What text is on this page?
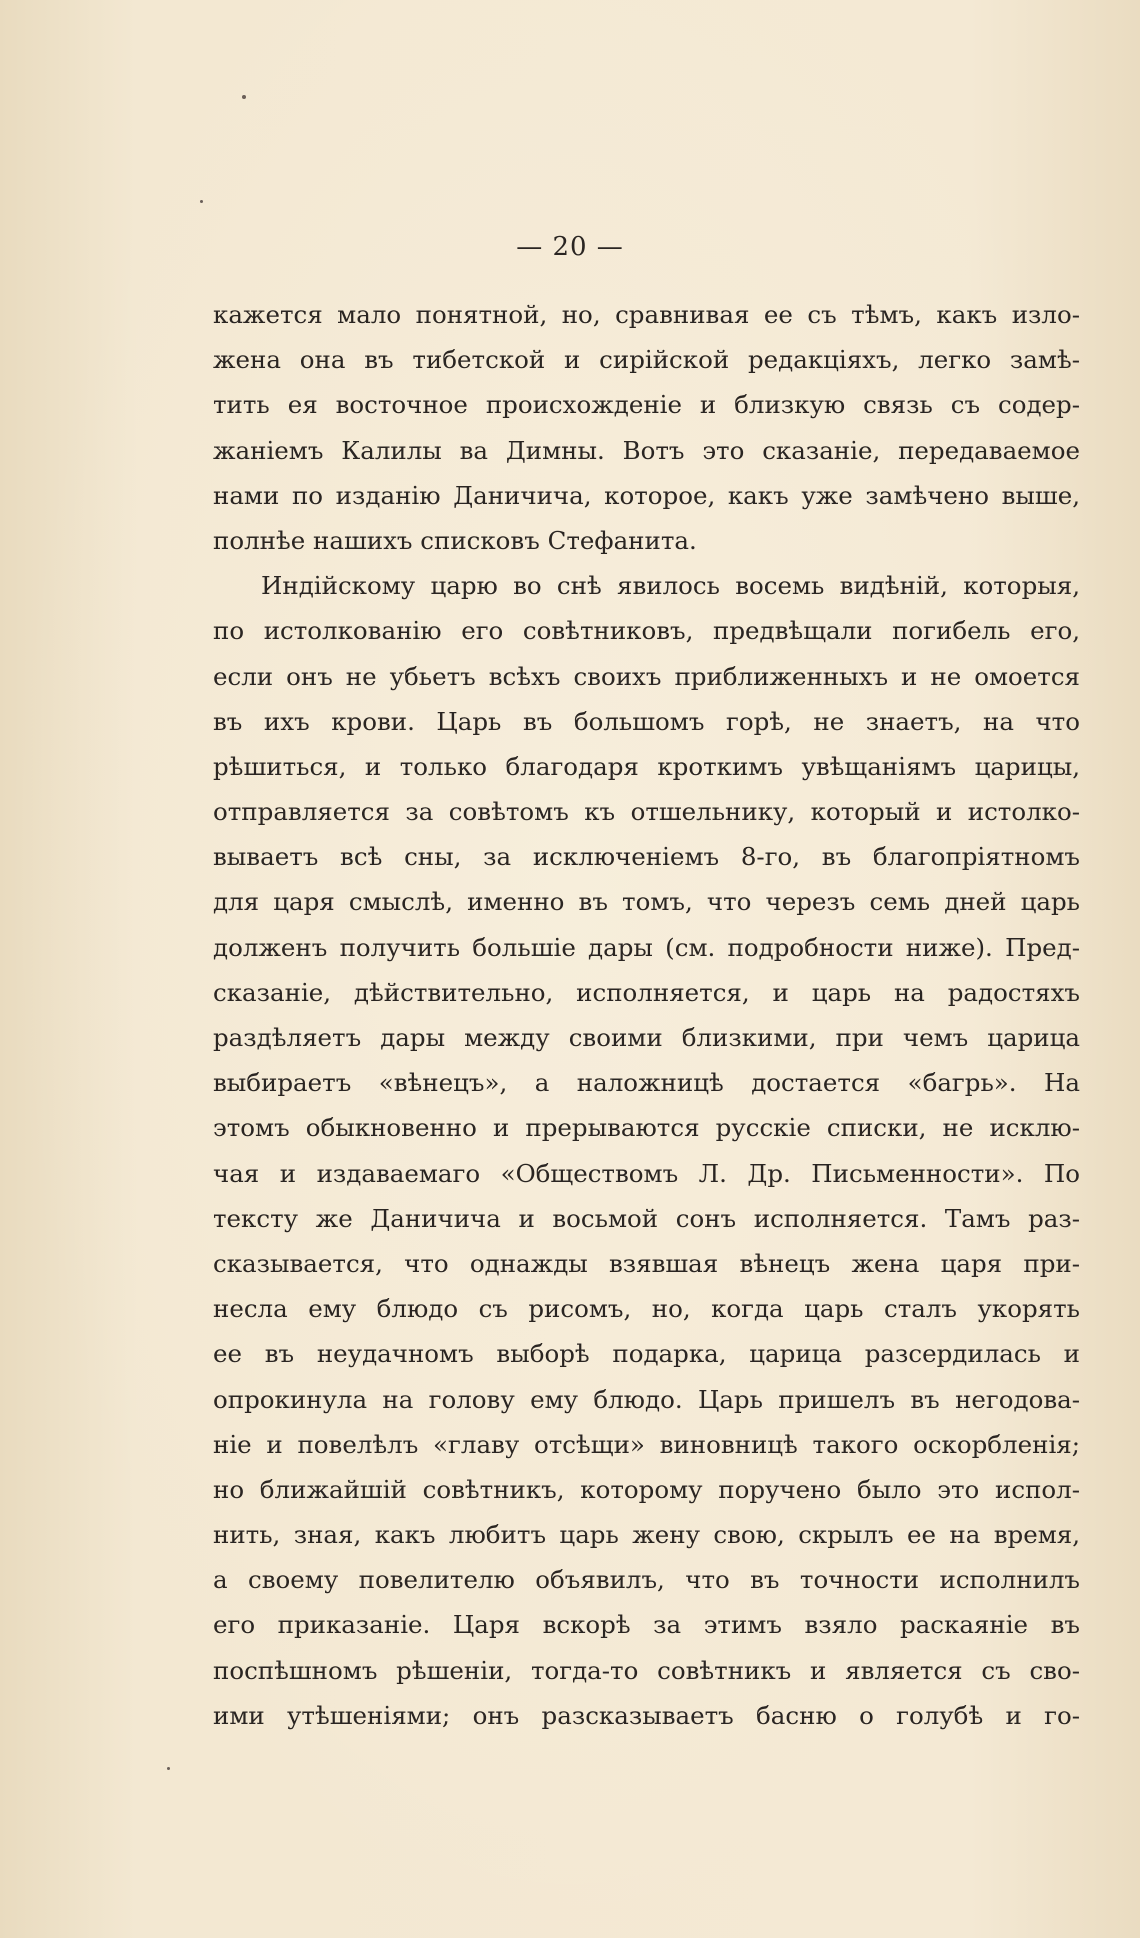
— 20 —
кажется мало понятной, но, сравнивая ее съ тѣмъ, какъ изло-
жена она въ тибетской и сирійской редакціяхъ, легко замѣ-
тить ея восточное происхожденіе и близкую связь съ содер-
жаніемъ Калилы ва Димны. Вотъ это сказаніе, передаваемое
нами по изданію Даничича, которое, какъ уже замѣчено выше,
полнѣе нашихъ списковъ Стефанита.
Индійскому царю во снѣ явилось восемь видѣній, которыя,
по истолкованію его совѣтниковъ, предвѣщали погибель его,
если онъ не убьетъ всѣхъ своихъ приближенныхъ и не омоется
въ ихъ крови. Царь въ большомъ горѣ, не знаетъ, на что
рѣшиться, и только благодаря кроткимъ увѣщаніямъ царицы,
отправляется за совѣтомъ къ отшельнику, который и истолко-
вываетъ всѣ сны, за исключеніемъ 8-го, въ благопріятномъ
для царя смыслѣ, именно въ томъ, что черезъ семь дней царь
долженъ получить большіе дары (см. подробности ниже). Пред-
сказаніе, дѣйствительно, исполняется, и царь на радостяхъ
раздѣляетъ дары между своими близкими, при чемъ царица
выбираетъ «вѣнецъ», а наложницѣ достается «багрь». На
этомъ обыкновенно и прерываются русскіе списки, не исклю-
чая и издаваемаго «Обществомъ Л. Др. Письменности». По
тексту же Даничича и восьмой сонъ исполняется. Тамъ раз-
сказывается, что однажды взявшая вѣнецъ жена царя при-
несла ему блюдо съ рисомъ, но, когда царь сталъ укорять
ее въ неудачномъ выборѣ подарка, царица разсердилась и
опрокинула на голову ему блюдо. Царь пришелъ въ негодова-
ніе и повелѣлъ «главу отсѣщи» виновницѣ такого оскорбленія;
но ближайшій совѣтникъ, которому поручено было это испол-
нить, зная, какъ любитъ царь жену свою, скрылъ ее на время,
а своему повелителю объявилъ, что въ точности исполнилъ
его приказаніе. Царя вскорѣ за этимъ взяло раскаяніе въ
поспѣшномъ рѣшеніи, тогда-то совѣтникъ и является съ сво-
ими утѣшеніями; онъ разсказываетъ басню о голубѣ и го-
